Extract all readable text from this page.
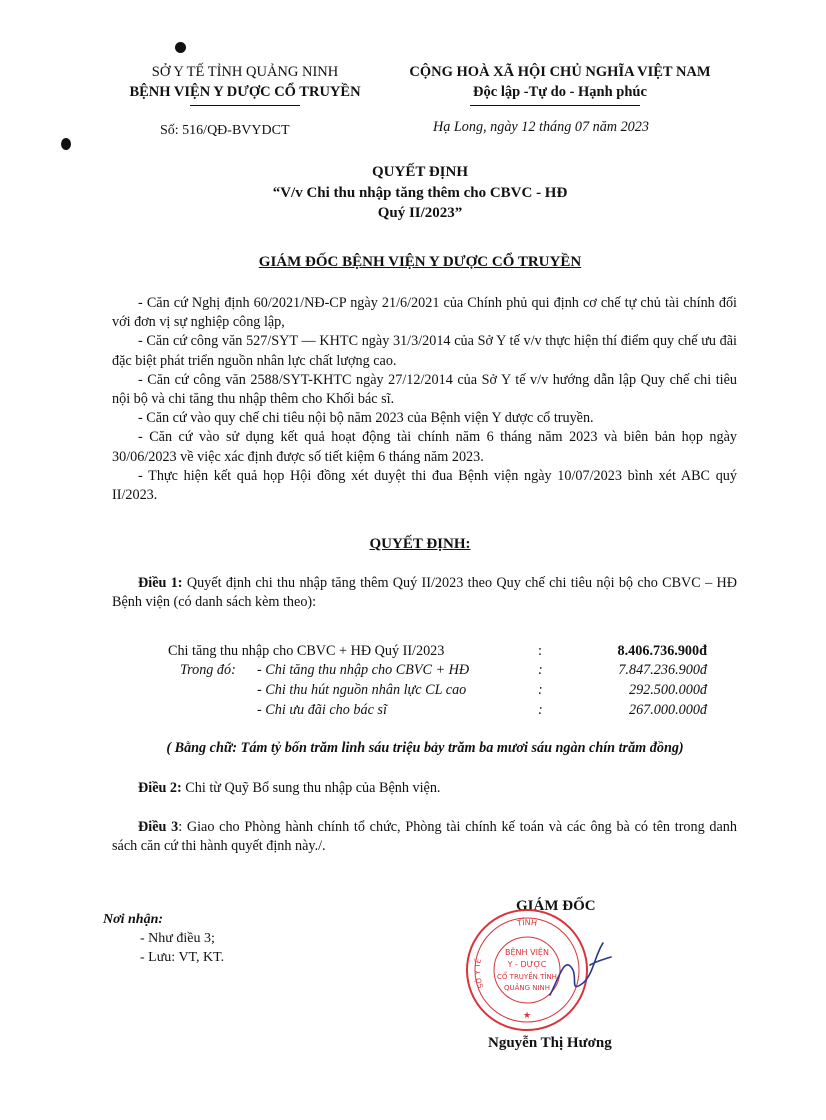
SỞ Y TẾ TỈNH QUẢNG NINH
BỆNH VIỆN Y DƯỢC CỔ TRUYỀN
Số: 516/QĐ-BVYDCT
CỘNG HOÀ XÃ HỘI CHỦ NGHĨA VIỆT NAM
Độc lập -Tự do - Hạnh phúc
Hạ Long, ngày 12 tháng 07 năm 2023
QUYẾT ĐỊNH
“V/v Chi thu nhập tăng thêm cho CBVC - HĐ
Quý II/2023”
GIÁM ĐỐC BỆNH VIỆN Y DƯỢC CỔ TRUYỀN

- Căn cứ Nghị định 60/2021/NĐ-CP ngày 21/6/2021 của Chính phủ qui định cơ chế tự chủ tài chính đối với đơn vị sự nghiệp công lập,

- Căn cứ công văn 527/SYT — KHTC ngày 31/3/2014 của Sở Y tế v/v thực hiện thí điểm quy chế ưu đãi đặc biệt phát triển nguồn nhân lực chất lượng cao.

- Căn cứ công văn 2588/SYT-KHTC ngày 27/12/2014 của Sở Y tế v/v hướng dẫn lập Quy chế chi tiêu nội bộ và chi tăng thu nhập thêm cho Khối bác sĩ.

- Căn cứ vào quy chế chi tiêu nội bộ năm 2023 của Bệnh viện Y dược cổ truyền.

- Căn cứ vào sử dụng kết quả hoạt động tài chính năm 6 tháng năm 2023 và biên bản họp ngày 30/06/2023 về việc xác định được số tiết kiệm 6 tháng năm 2023.

- Thực hiện kết quả họp Hội đồng xét duyệt thi đua Bệnh viện ngày 10/07/2023 bình xét ABC quý II/2023.

QUYẾT ĐỊNH:

Điều 1: Quyết định chi thu nhập tăng thêm Quý II/2023 theo Quy chế chi tiêu nội bộ cho CBVC – HĐ Bệnh viện (có danh sách kèm theo):

Chi tăng thu nhập cho CBVC + HĐ Quý II/2023	:	8.406.736.900đ
Trong đó: - Chi tăng thu nhập cho CBVC + HĐ	:	7.847.236.900đ
- Chi thu hút nguồn nhân lực CL cao	:	292.500.000đ
- Chi ưu đãi cho bác sĩ	:	267.000.000đ
( Bằng chữ: Tám tỷ bốn trăm linh sáu triệu bảy trăm ba mươi sáu ngàn chín trăm đồng)

Điều 2: Chi từ Quỹ Bổ sung thu nhập của Bệnh viện.

Điều 3: Giao cho Phòng hành chính tổ chức, Phòng tài chính kế toán và các ông bà có tên trong danh sách căn cứ thi hành quyết định này./.

Nơi nhận:
- Như điều 3;
- Lưu: VT, KT.
GIÁM ĐỐC
TỈNH
SỞ Y TẾ
BỆNH VIỆN
Y - DƯỢC
CỔ TRUYỀN TỈNH
QUẢNG NINH
★
Nguyễn Thị Hương
